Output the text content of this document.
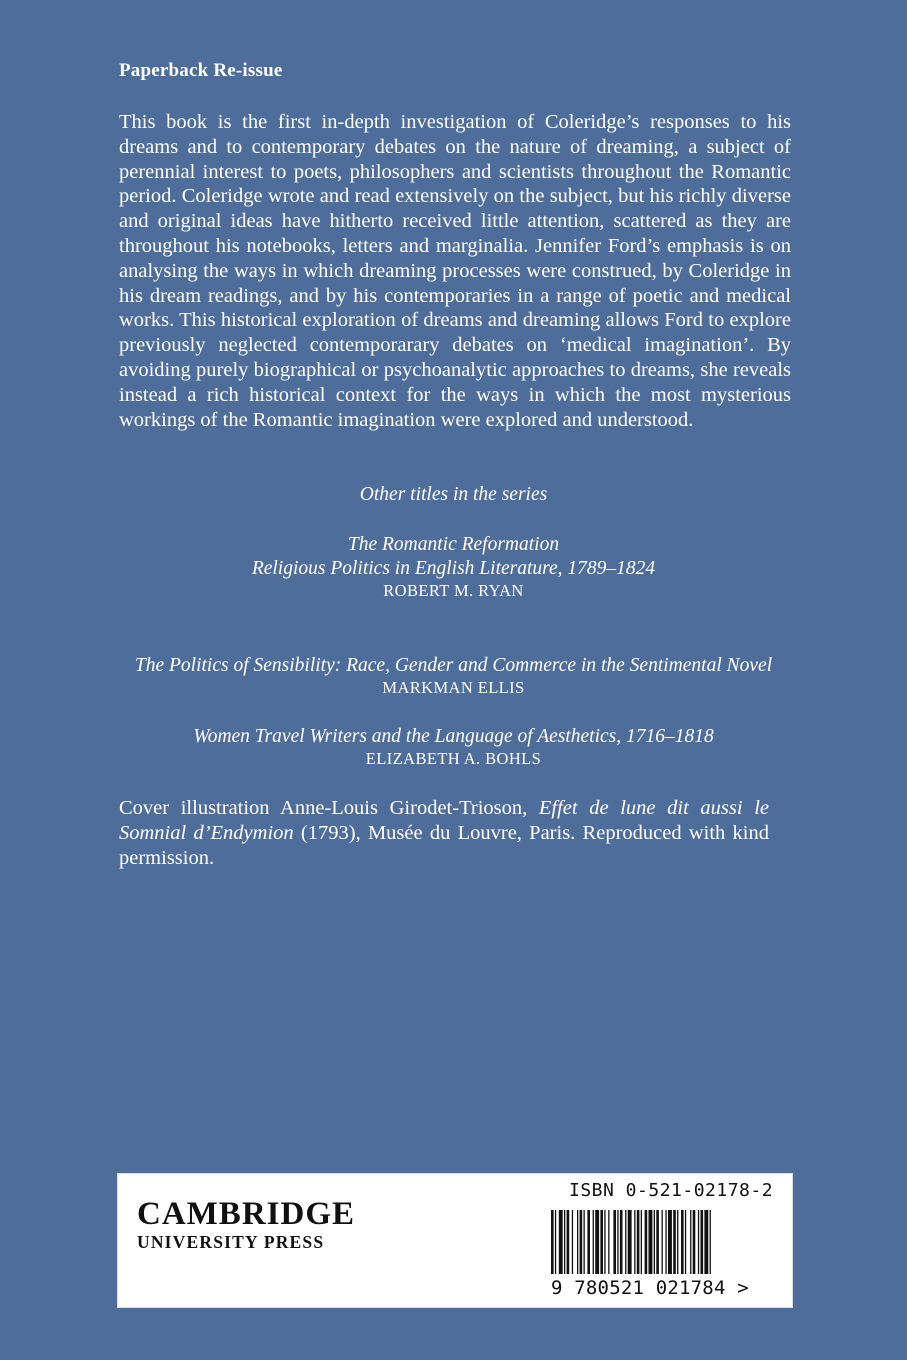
Paperback Re-issue

This book is the first in-depth investigation of Coleridge’s responses to his dreams and to contemporary debates on the nature of dreaming, a subject of perennial interest to poets, philosophers and scientists throughout the Romantic period. Coleridge wrote and read extensively on the subject, but his richly diverse and original ideas have hitherto received little attention, scattered as they are throughout his notebooks, letters and marginalia. Jennifer Ford’s emphasis is on analysing the ways in which dreaming processes were construed, by Coleridge in his dream readings, and by his contemporaries in a range of poetic and medical works. This historical exploration of dreams and dreaming allows Ford to explore previously neglected contemporarary debates on ‘medical imagination’. By avoiding purely biographical or psychoanalytic approaches to dreams, she reveals instead a rich historical context for the ways in which the most mysterious workings of the Romantic imagination were explored and understood.

Other titles in the series
The Romantic Reformation
Religious Politics in English Literature, 1789–1824
ROBERT M. RYAN
The Politics of Sensibility: Race, Gender and Commerce in the Sentimental Novel
MARKMAN ELLIS
Women Travel Writers and the Language of Aesthetics, 1716–1818
ELIZABETH A. BOHLS

Cover illustration Anne-Louis Girodet-Trioson, Effet de lune dit aussi le Somnial d’Endymion (1793), Musée du Louvre, Paris. Reproduced with kind permission.

CAMBRIDGE
UNIVERSITY PRESS
ISBN 0-521-02178-2
9 780521 021784 >
